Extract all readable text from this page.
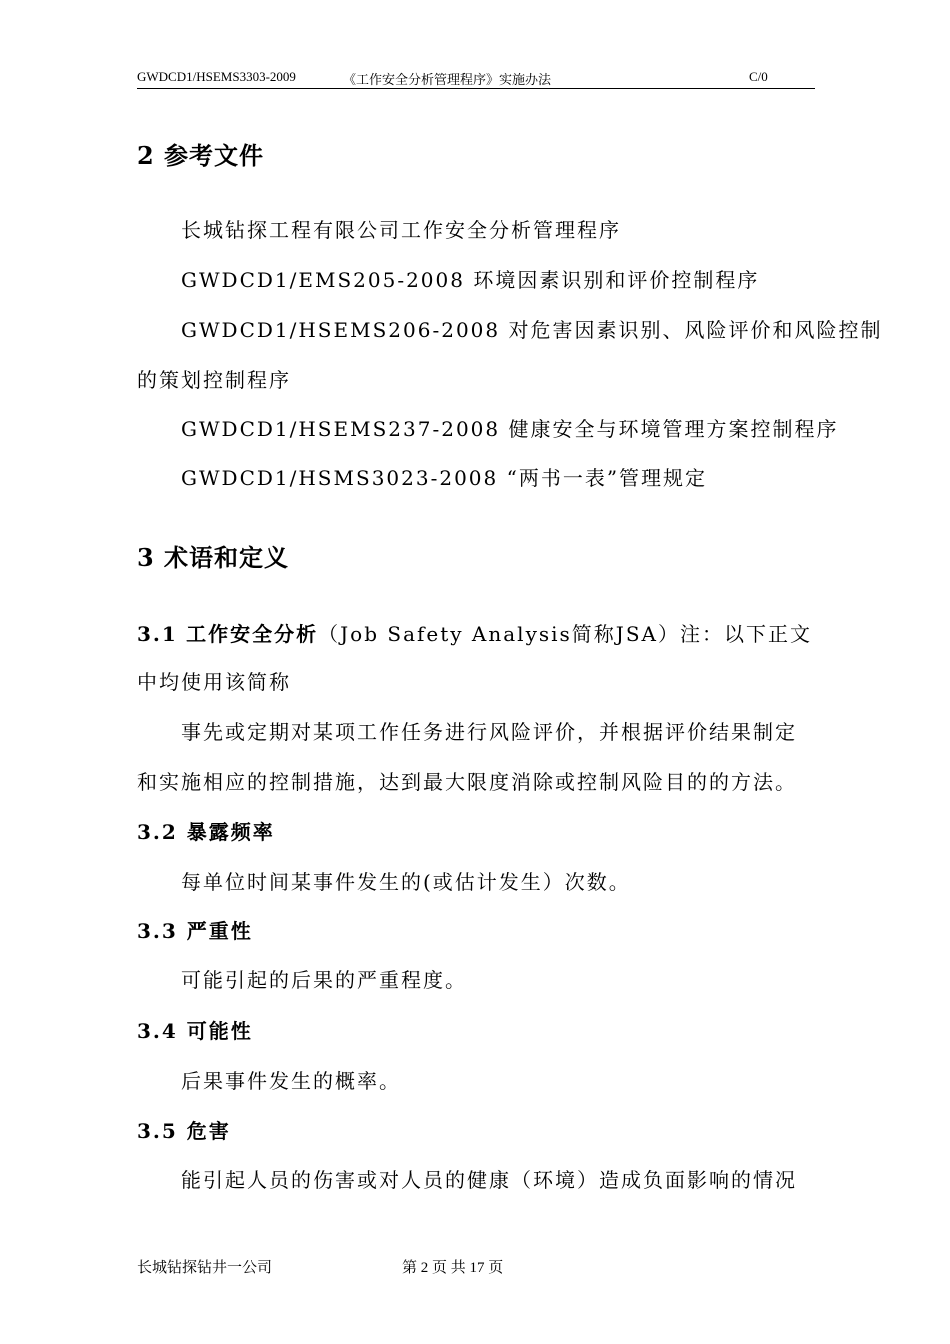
GWDCD1/HSEMS3303-2009	《工作安全分析管理程序》实施办法	C/0
2 参考文件
长城钻探工程有限公司工作安全分析管理程序
GWDCD1/EMS205-2008 环境因素识别和评价控制程序
GWDCD1/HSEMS206-2008 对危害因素识别、风险评价和风险控制
的策划控制程序
GWDCD1/HSEMS237-2008 健康安全与环境管理方案控制程序
GWDCD1/HSMS3023-2008 “两书一表”管理规定
3 术语和定义
3.1 工作安全分析（Job Safety Analysis简称JSA）注：以下正文
中均使用该简称
事先或定期对某项工作任务进行风险评价，并根据评价结果制定
和实施相应的控制措施，达到最大限度消除或控制风险目的的方法。
3.2 暴露频率
每单位时间某事件发生的(或估计发生）次数。
3.3 严重性
可能引起的后果的严重程度。
3.4 可能性
后果事件发生的概率。
3.5 危害
能引起人员的伤害或对人员的健康（环境）造成负面影响的情况
长城钻探钻井一公司	第 2 页 共 17 页
